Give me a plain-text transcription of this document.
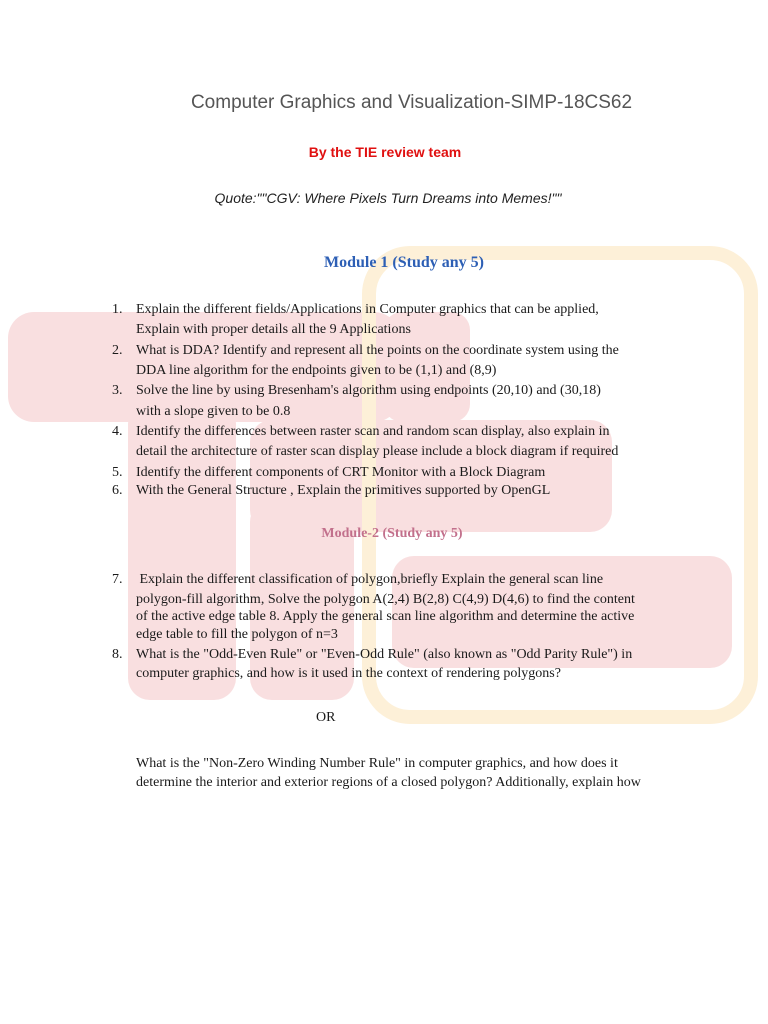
Computer Graphics and Visualization-SIMP-18CS62
By the TIE review team
Quote:""CGV: Where Pixels Turn Dreams into Memes!""
Module 1 (Study any 5)
1. Explain the different fields/Applications in Computer graphics that can be applied,
Explain with proper details all the 9 Applications
2. What is DDA? Identify and represent all the points on the coordinate system using the
DDA line algorithm for the endpoints given to be (1,1) and (8,9)
3. Solve the line by using Bresenham's algorithm using endpoints (20,10) and (30,18)
with a slope given to be 0.8
4. Identify the differences between raster scan and random scan display, also explain in
detail the architecture of raster scan display please include a block diagram if required
5. Identify the different components of CRT Monitor with a Block Diagram
6. With the General Structure , Explain the primitives supported by OpenGL
Module-2 (Study any 5)
7. Explain the different classification of polygon,briefly Explain the general scan line
polygon-fill algorithm, Solve the polygon A(2,4) B(2,8) C(4,9) D(4,6) to find the content
of the active edge table 8. Apply the general scan line algorithm and determine the active
edge table to fill the polygon of n=3
8. What is the "Odd-Even Rule" or "Even-Odd Rule" (also known as "Odd Parity Rule") in
computer graphics, and how is it used in the context of rendering polygons?
OR
What is the "Non-Zero Winding Number Rule" in computer graphics, and how does it
determine the interior and exterior regions of a closed polygon? Additionally, explain how
